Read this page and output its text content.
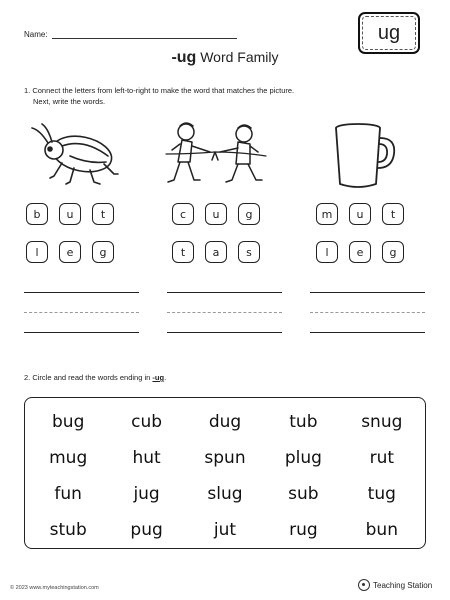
Name:	ug
-ug Word Family
1. Connect the letters from left-to-right to make the word that matches the picture.
Next, write the words.
b	u	t
l	e	g
c	u	g
t	a	s
m	u	t
l	e	g
2. Circle and read the words ending in -ug.
bug	cub	dug	tub	snug
mug	hut	spun	plug	rut
fun	jug	slug	sub	tug
stub	pug	jut	rug	bun
© 2023 www.myteachingstation.com	Teaching Station
